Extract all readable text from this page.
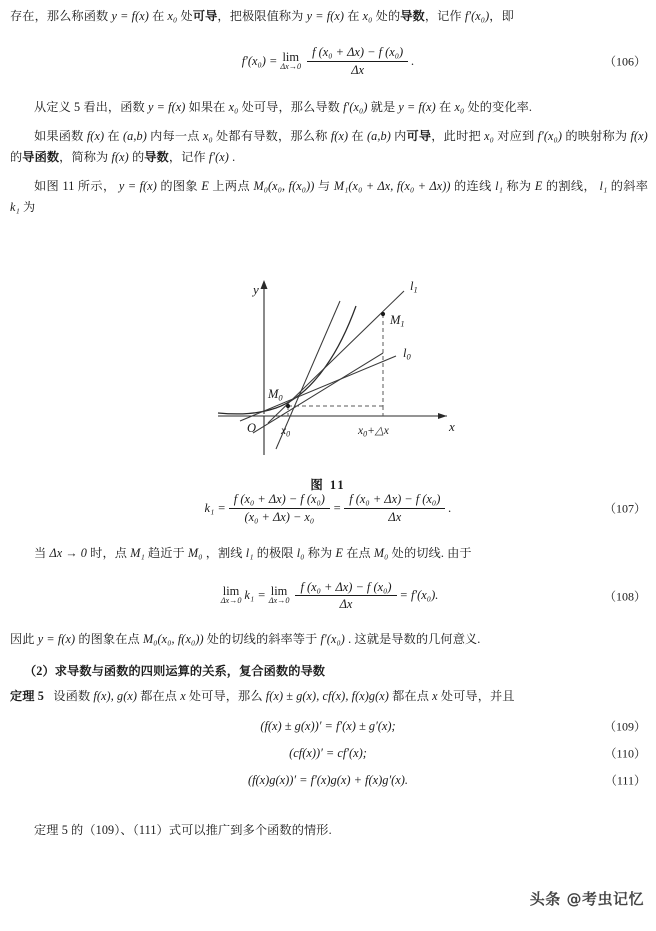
存在，那么称函数 y = f(x) 在 x₀ 处可导，把极限值称为 y = f(x) 在 x₀ 处的导数，记作 f′(x₀)，即

f′(x₀) = lim
$\Delta x\to 0 \frac{\text{f (x₀ + Δx) − f (x₀)}}{\Delta x}$ .	（106）

从定义 5 看出，函数 y = f(x) 如果在 x₀ 处可导，那么导数 f′(x₀) 就是 y = f(x) 在 x₀ 处的变化率.

如果函数 f(x) 在 (a,b) 内每一点 x₀ 处都有导数，那么称 f(x) 在 (a,b) 内可导，此时把 x₀ 对应到 f′(x₀) 的映射称为 f(x) 的导函数，简称为 f(x) 的导数，记作 f′(x) .

如图 11 所示， y = f(x) 的图象 E 上两点 M₀(x₀, f(x₀)) 与 M₁(x₀ + Δx, f(x₀ + Δx)) 的连线 l₁ 称为 E 的割线， l₁ 的斜率 k₁ 为

y
x
O $x_0$	$x_0+\triangle x$
$M_0$
$M_1$
$l_1$
$l_0$
图 11
$k_1 = \frac{\text{f (x₀ + Δx) − f (x₀)}}{\text{(x₀ + Δx) − x₀}} = \frac{\text{f (x₀ + Δx) − f (x₀)}}{\Delta x}$ .	（107）

当 Δx → 0 时，点 M₁ 趋近于 M₀ ，割线 l₁ 的极限 l₀ 称为 E 在点 M₀ 处的切线. 由于

lim
Δx→0 k₁ = lim
$\Delta x\to 0 \frac{\text{f (x₀ + Δx) − f (x₀)}}{\Delta x} = f'(x_0)$.	（108）

因此 y = f(x) 的图象在点 M₀(x₀, f(x₀)) 处的切线的斜率等于 f′(x₀) . 这就是导数的几何意义.

（2）求导数与函数的四则运算的关系，复合函数的导数

定理 5 设函数 f(x), g(x) 都在点 x 处可导，那么 f(x) ± g(x), cf(x), f(x)g(x) 都在点 x 处可导，并且

(f(x) ± g(x))′ = f′(x) ± g′(x);	（109）
(cf(x))′ = cf′(x);	（110）
(f(x)g(x))′ = f′(x)g(x) + f(x)g′(x).	（111）

定理 5 的（109）、（111）式可以推广到多个函数的情形.

头条 @考虫记忆
